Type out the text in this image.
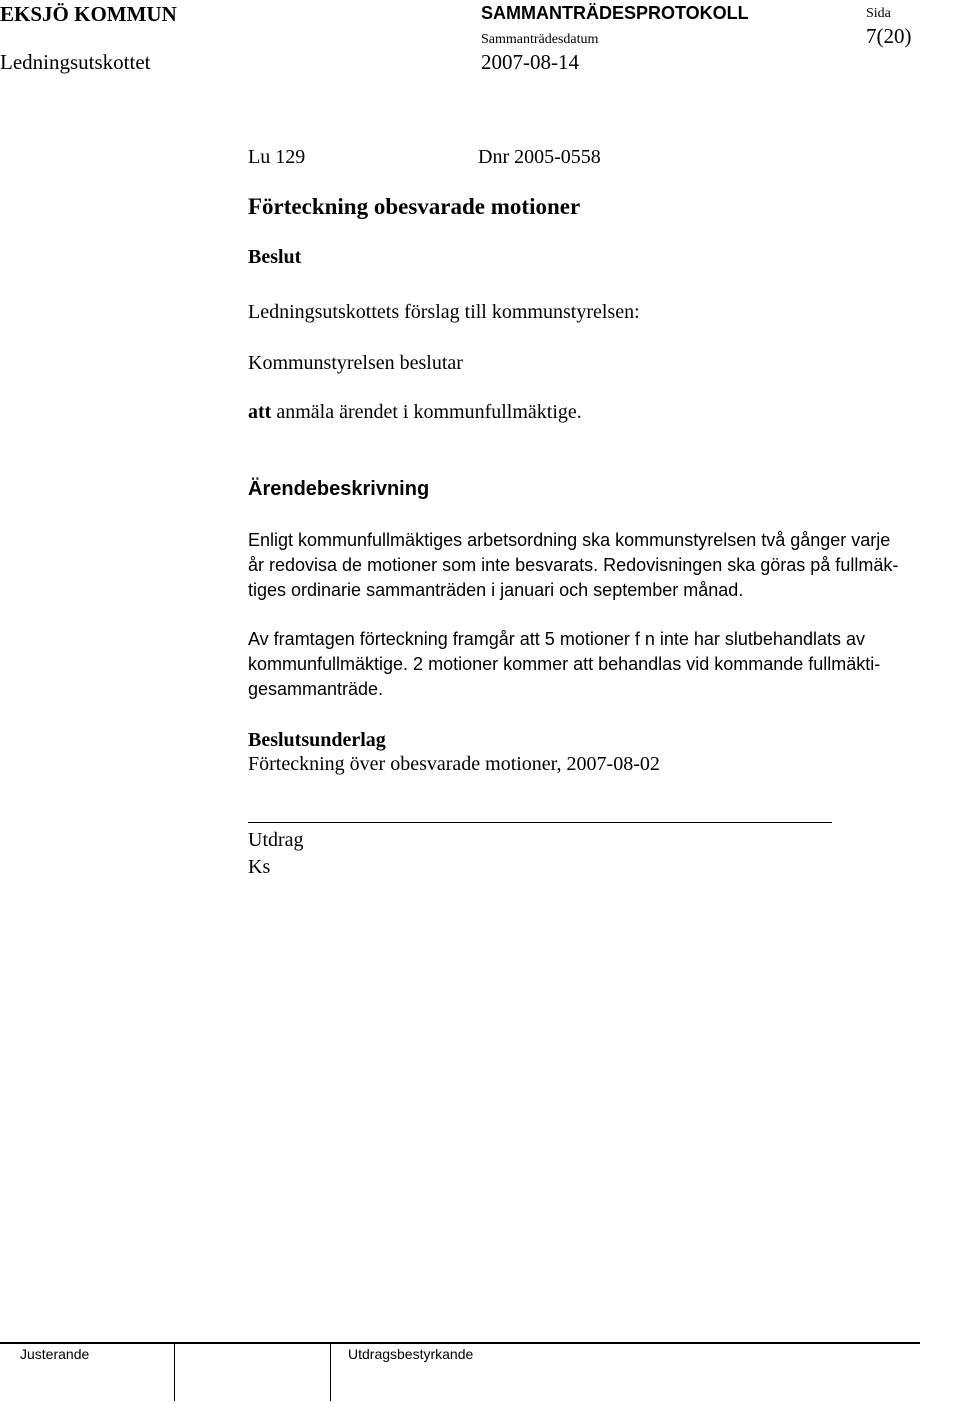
EKSJÖ KOMMUN	SAMMANTRÄDESPROTOKOLL	Sida
Sammanträdesdatum	7(20)
Ledningsutskottet	2007-08-14
Lu 129	Dnr 2005-0558
Förteckning obesvarade motioner
Beslut
Ledningsutskottets förslag till kommunstyrelsen:
Kommunstyrelsen beslutar
att anmäla ärendet i kommunfullmäktige.
Ärendebeskrivning
Enligt kommunfullmäktiges arbetsordning ska kommunstyrelsen två gånger varje
år redovisa de motioner som inte besvarats. Redovisningen ska göras på fullmäk-
tiges ordinarie sammanträden i januari och september månad.
Av framtagen förteckning framgår att 5 motioner f n inte har slutbehandlats av
kommunfullmäktige. 2 motioner kommer att behandlas vid kommande fullmäkti-
gesammanträde.
Beslutsunderlag
Förteckning över obesvarade motioner, 2007-08-02
Utdrag
Ks
Justerande	Utdragsbestyrkande
